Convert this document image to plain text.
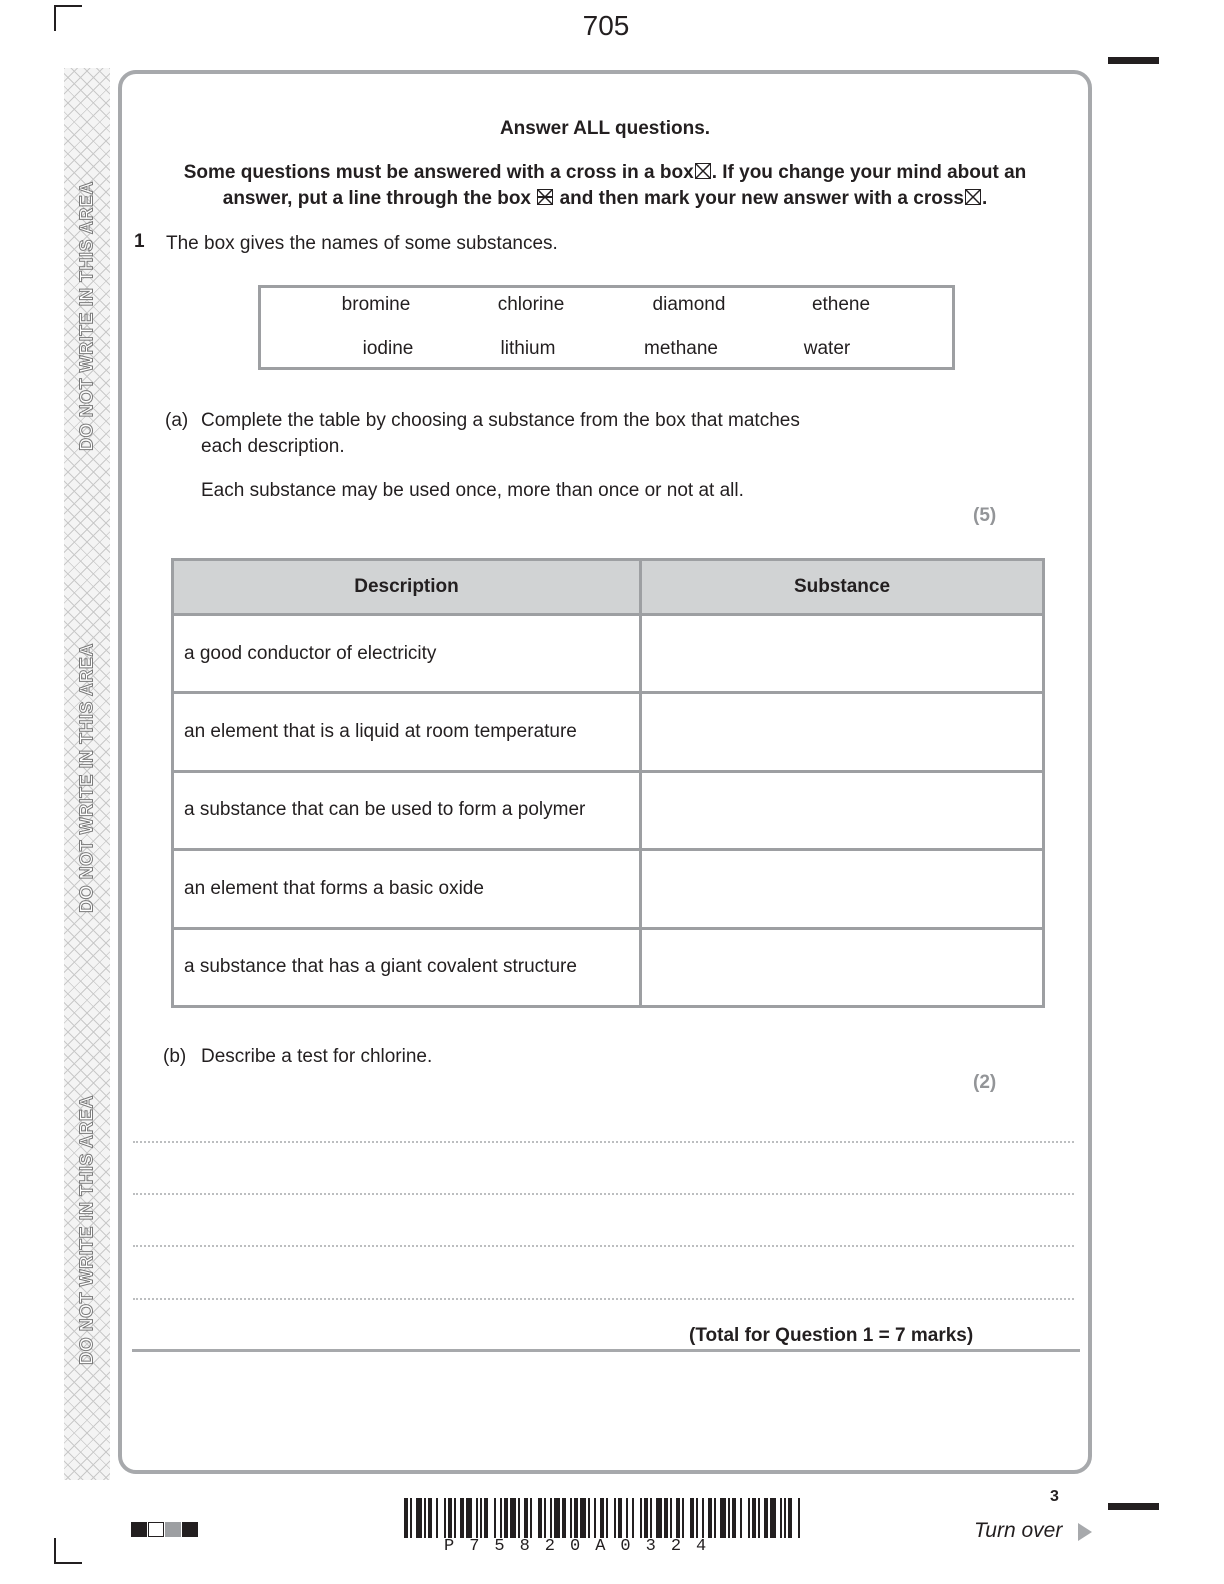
705
DO NOT WRITE IN THIS AREA
DO NOT WRITE IN THIS AREA
DO NOT WRITE IN THIS AREA
Answer ALL questions.
Some questions must be answered with a cross in a box☒. If you change your mind about an
answer, put a line through the box and then mark your new answer with a cross☒.
1 The box gives the names of some substances.
bromine	chlorine	diamond	ethene
iodine	lithium	methane	water
(a) Complete the table by choosing a substance from the box that matches
each description.
Each substance may be used once, more than once or not at all.
(5)
Description	Substance
a good conductor of electricity	
an element that is a liquid at room temperature	
a substance that can be used to form a polymer	
an element that forms a basic oxide	
a substance that has a giant covalent structure	
(b) Describe a test for chlorine.
(2)
(Total for Question 1 = 7 marks)
3
P75820A0324
Turn over
